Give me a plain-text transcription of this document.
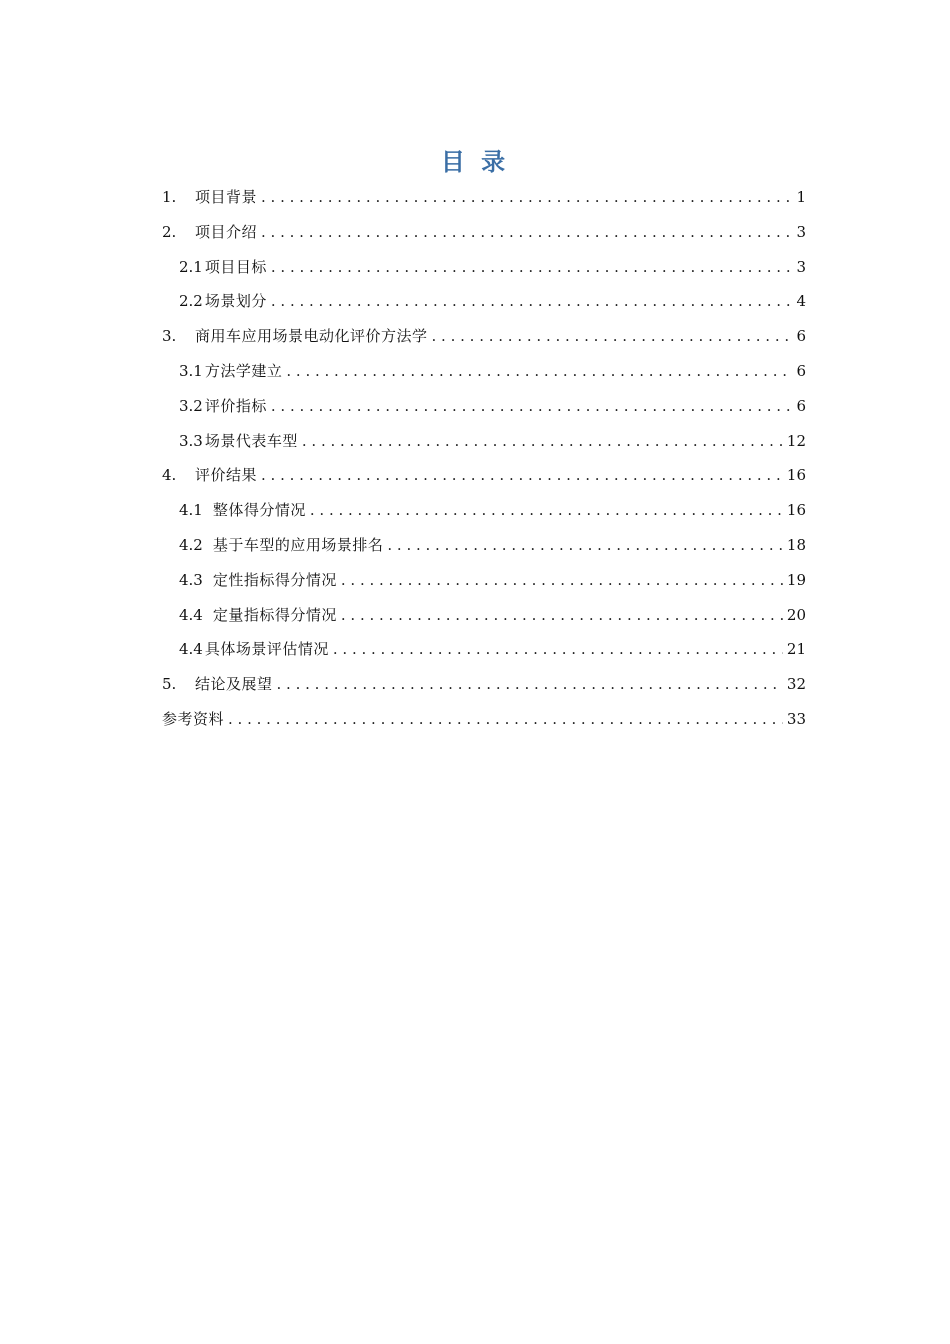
目 录
1.	项目背景 . . .	1
2.	项目介绍 . . .	3
2.1 项目目标 . . .	3
2.2 场景划分 . . .	4
3.	商用车应用场景电动化评价方法学 . . .	6
3.1 方法学建立 . . .	6
3.2 评价指标 . . .	6
3.3 场景代表车型 . . .	12
4.	评价结果 . . .	16
4.1 整体得分情况 . . .	16
4.2 基于车型的应用场景排名 . . .	18
4.3 定性指标得分情况 . . .	19
4.4 定量指标得分情况 . . .	20
4.4 具体场景评估情况 . . .	21
5.	结论及展望 . . .	32
参考资料 . . .	33
